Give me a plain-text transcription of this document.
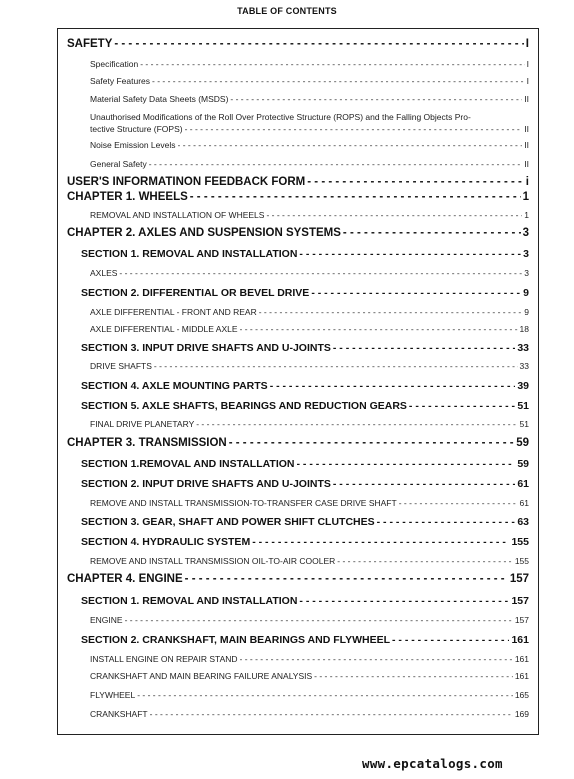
TABLE OF CONTENTS
SAFETY - - -	I
Specification - - -	I
Safety Features - - -	I
Material Safety Data Sheets (MSDS) - - -	II
Unauthorised Modifications of the Roll Over Protective Structure (ROPS) and the Falling Objects Pro-
tective Structure (FOPS) - - -	II
Noise Emission Levels - - -	II
General Safety - - -	II
USER'S INFORMATINON FEEDBACK FORM - - -	i
CHAPTER 1. WHEELS - - -	1
REMOVAL AND INSTALLATION OF WHEELS - - -	1
CHAPTER 2. AXLES AND SUSPENSION SYSTEMS - - -	3
SECTION 1. REMOVAL AND INSTALLATION - - -	3
AXLES - - -	3
SECTION 2. DIFFERENTIAL OR BEVEL DRIVE - - -	9
AXLE DIFFERENTIAL - FRONT AND REAR - - -	9
AXLE DIFFERENTIAL - MIDDLE AXLE - - -	18
SECTION 3. INPUT DRIVE SHAFTS AND U-JOINTS - - -	33
DRIVE SHAFTS - - -	33
SECTION 4. AXLE MOUNTING PARTS - - -	39
SECTION 5. AXLE SHAFTS, BEARINGS AND REDUCTION GEARS - - -	51
FINAL DRIVE PLANETARY - - -	51
CHAPTER 3. TRANSMISSION - - -	59
SECTION 1.REMOVAL AND INSTALLATION - - -	59
SECTION 2. INPUT DRIVE SHAFTS AND U-JOINTS - - -	61
REMOVE AND INSTALL TRANSMISSION-TO-TRANSFER CASE DRIVE SHAFT - - -	61
SECTION 3. GEAR, SHAFT AND POWER SHIFT CLUTCHES - - -	63
SECTION 4. HYDRAULIC SYSTEM - - -	155
REMOVE AND INSTALL TRANSMISSION OIL-TO-AIR COOLER - - -	155
CHAPTER 4. ENGINE - - -	157
SECTION 1. REMOVAL AND INSTALLATION - - -	157
ENGINE - - -	157
SECTION 2. CRANKSHAFT, MAIN BEARINGS AND FLYWHEEL - - -	161
INSTALL ENGINE ON REPAIR STAND - - -	161
CRANKSHAFT AND MAIN BEARING FAILURE ANALYSIS - - -	161
FLYWHEEL - - -	165
CRANKSHAFT - - -	169
www.epcatalogs.com
